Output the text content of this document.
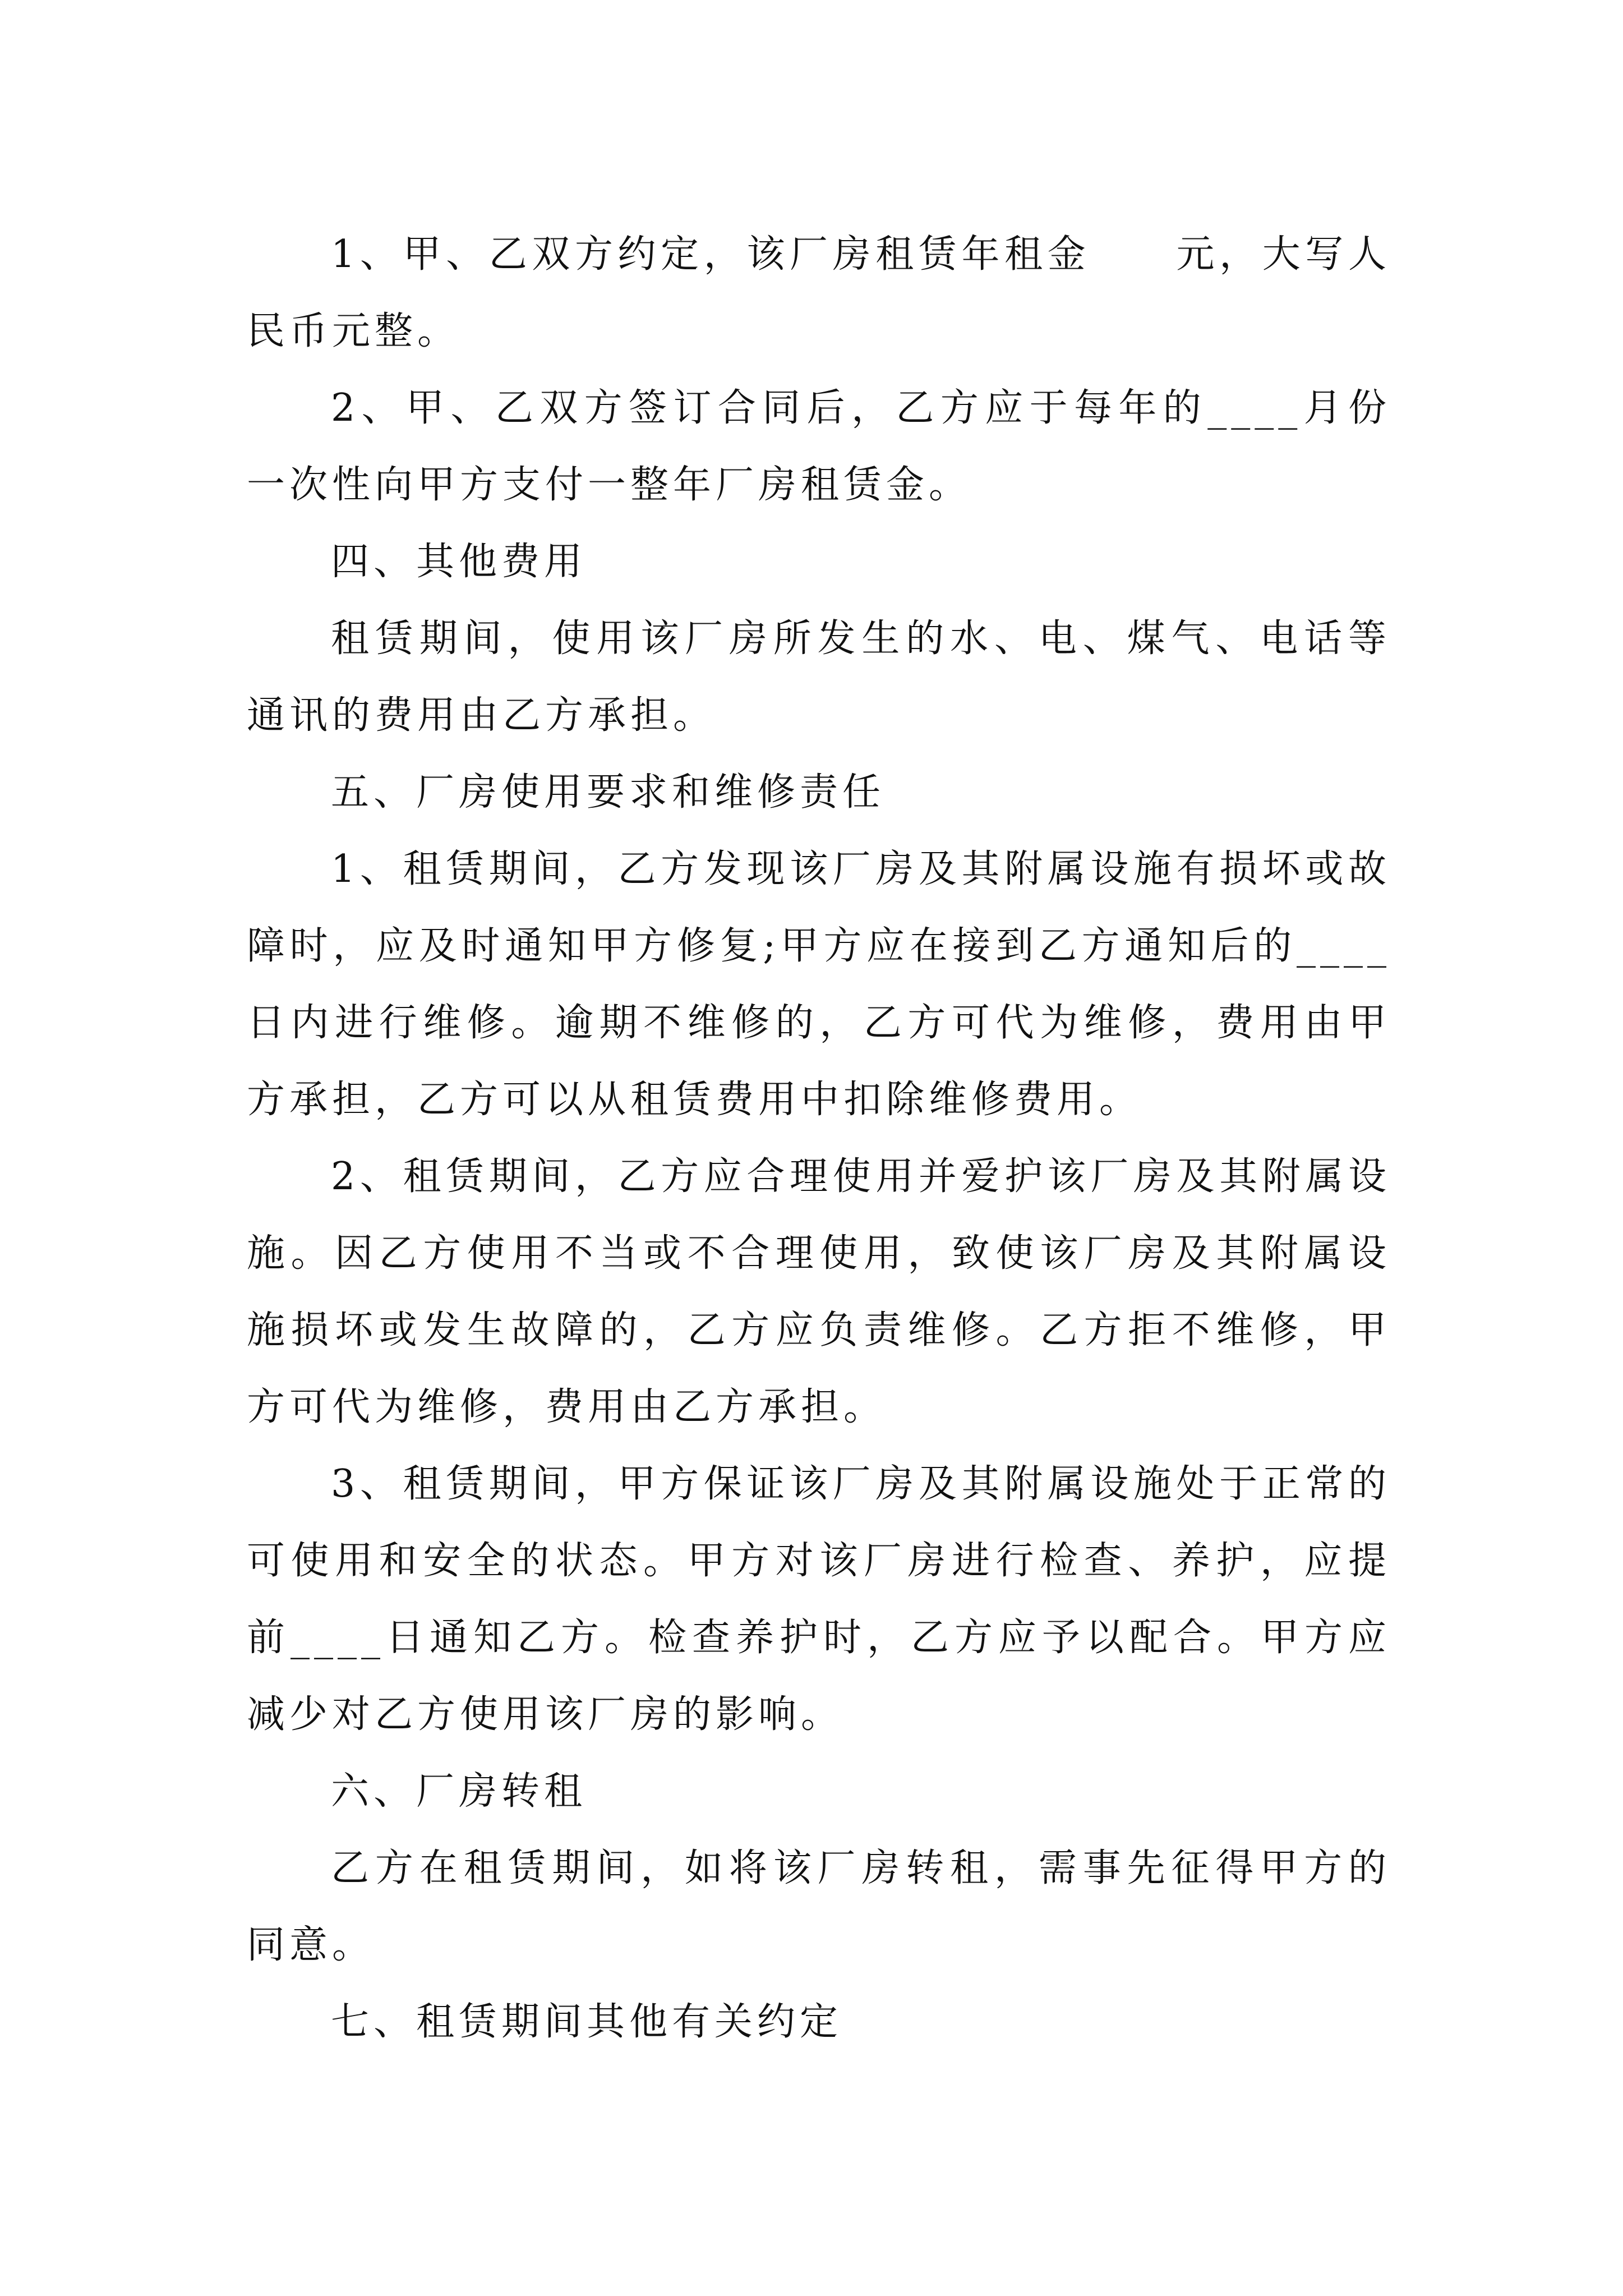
1、甲、乙双方约定，该厂房租赁年租金　　元，大写人民币元整。

2、甲、乙双方签订合同后，乙方应于每年的____月份一次性向甲方支付一整年厂房租赁金。

四、其他费用

租赁期间，使用该厂房所发生的水、电、煤气、电话等通讯的费用由乙方承担。

五、厂房使用要求和维修责任

1、租赁期间，乙方发现该厂房及其附属设施有损坏或故障时，应及时通知甲方修复;甲方应在接到乙方通知后的____日内进行维修。逾期不维修的，乙方可代为维修，费用由甲方承担，乙方可以从租赁费用中扣除维修费用。

2、租赁期间，乙方应合理使用并爱护该厂房及其附属设施。因乙方使用不当或不合理使用，致使该厂房及其附属设施损坏或发生故障的，乙方应负责维修。乙方拒不维修，甲方可代为维修，费用由乙方承担。

3、租赁期间，甲方保证该厂房及其附属设施处于正常的可使用和安全的状态。甲方对该厂房进行检查、养护，应提前____日通知乙方。检查养护时，乙方应予以配合。甲方应减少对乙方使用该厂房的影响。

六、厂房转租

乙方在租赁期间，如将该厂房转租，需事先征得甲方的同意。

七、租赁期间其他有关约定
